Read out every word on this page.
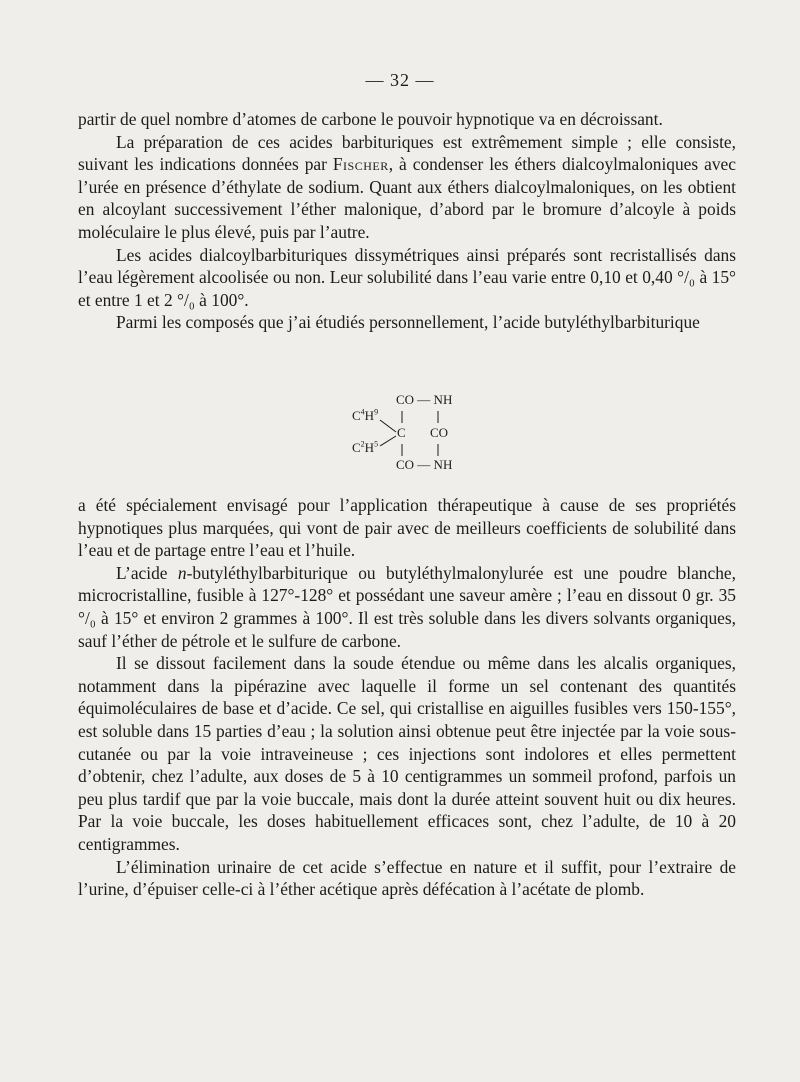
— 32 —

partir de quel nombre d’atomes de carbone le pouvoir hypnotique va en décroissant.

La préparation de ces acides barbituriques est extrêmement simple ; elle consiste, suivant les indications données par Fischer, à condenser les éthers dialcoylmaloniques avec l’urée en présence d’éthylate de sodium. Quant aux éthers dialcoylmaloniques, on les obtient en alcoylant successivement l’éther malonique, d’abord par le bromure d’alcoyle à poids moléculaire le plus élevé, puis par l’autre.

Les acides dialcoylbarbituriques dissymétriques ainsi préparés sont recristallisés dans l’eau légèrement alcoolisée ou non. Leur solubilité dans l’eau varie entre 0,10 et 0,40 °/₀ à 15° et entre 1 et 2 °/₀ à 100°.

Parmi les composés que j’ai étudiés personnellement, l’acide butyléthylbarbiturique

CO — NH
$C^4H^9$
C CO
$C^2H^5$
CO — NH

a été spécialement envisagé pour l’application thérapeutique à cause de ses propriétés hypnotiques plus marquées, qui vont de pair avec de meilleurs coefficients de solubilité dans l’eau et de partage entre l’eau et l’huile.

L’acide n-butyléthylbarbiturique ou butyléthylmalonylurée est une poudre blanche, microcristalline, fusible à 127°-128° et possédant une saveur amère ; l’eau en dissout 0 gr. 35 °/₀ à 15° et environ 2 grammes à 100°. Il est très soluble dans les divers solvants organiques, sauf l’éther de pétrole et le sulfure de carbone.

Il se dissout facilement dans la soude étendue ou même dans les alcalis organiques, notamment dans la pipérazine avec laquelle il forme un sel contenant des quantités équimoléculaires de base et d’acide. Ce sel, qui cristallise en aiguilles fusibles vers 150-155°, est soluble dans 15 parties d’eau ; la solution ainsi obtenue peut être injectée par la voie sous-cutanée ou par la voie intraveineuse ; ces injections sont indolores et elles permettent d’obtenir, chez l’adulte, aux doses de 5 à 10 centigrammes un sommeil profond, parfois un peu plus tardif que par la voie buccale, mais dont la durée atteint souvent huit ou dix heures. Par la voie buccale, les doses habituellement efficaces sont, chez l’adulte, de 10 à 20 centigrammes.

L’élimination urinaire de cet acide s’effectue en nature et il suffit, pour l’extraire de l’urine, d’épuiser celle-ci à l’éther acétique après défécation à l’acétate de plomb.
